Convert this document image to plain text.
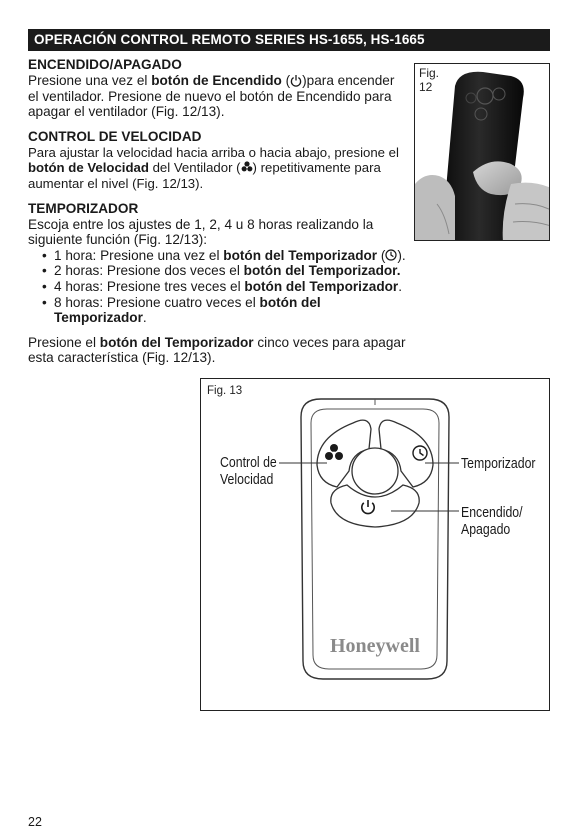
OPERACIÓN CONTROL REMOTO SERIES HS-1655, HS-1665
ENCENDIDO/APAGADO

Presione una vez el botón de Encendido ( )para encender el ventilador. Presione de nuevo el botón de Encendido para apagar el ventilador (Fig. 12/13).

CONTROL DE VELOCIDAD

Para ajustar la velocidad hacia arriba o hacia abajo, presione el botón de Velocidad del Ventilador ( ) repetitivamente para aumentar el nivel (Fig. 12/13).

TEMPORIZADOR

Escoja entre los ajustes de 1, 2, 4 u 8 horas realizando la siguiente función (Fig. 12/13):

• 1 hora: Presione una vez el botón del Temporizador ( ).
• 2 horas: Presione dos veces el botón del Temporizador.
• 4 horas: Presione tres veces el botón del Temporizador.
• 8 horas: Presione cuatro veces el botón del Temporizador.

Presione el botón del Temporizador cinco veces para apagar esta característica (Fig. 12/13).

Fig.
12
Fig. 13
Honeywell
Control de
Velocidad
Temporizador
Encendido/
Apagado
22
